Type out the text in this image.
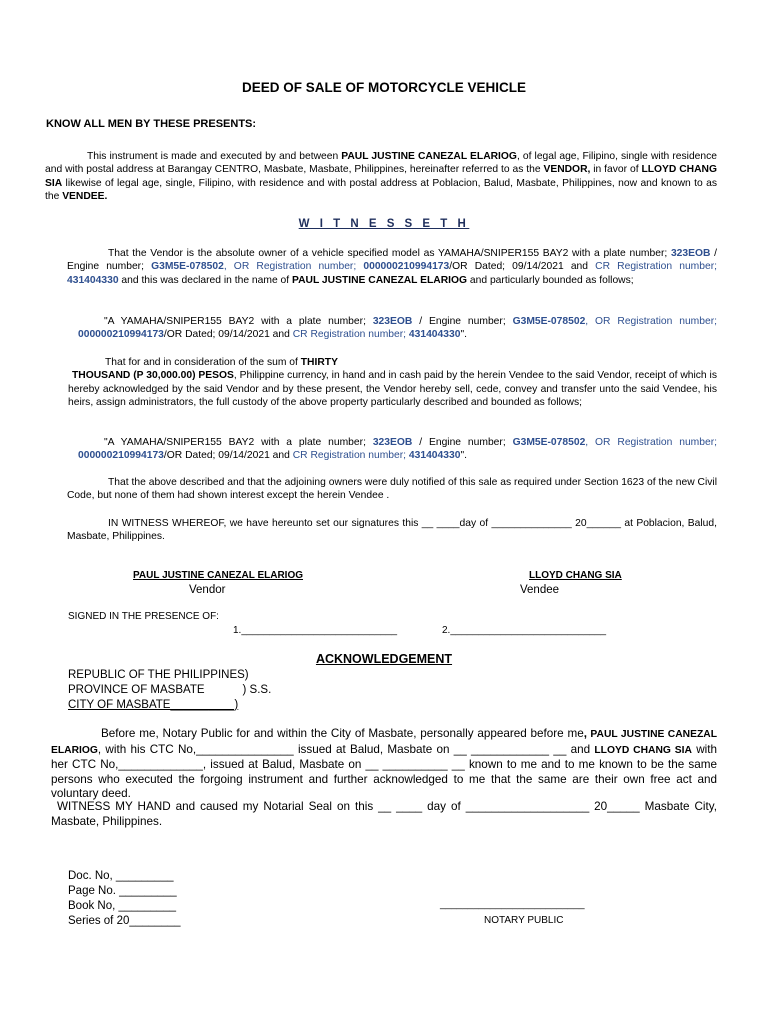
DEED OF SALE OF MOTORCYCLE VEHICLE
KNOW ALL MEN BY THESE PRESENTS:
This instrument is made and executed by and between PAUL JUSTINE CANEZAL ELARIOG, of legal age, Filipino, single with residence and with postal address at Barangay CENTRO, Masbate, Masbate, Philippines, hereinafter referred to as the VENDOR, in favor of LLOYD CHANG SIA likewise of legal age, single, Filipino, with residence and with postal address at Poblacion, Balud, Masbate, Philippines, now and known to as the VENDEE.
W I T N E S S E T H
That the Vendor is the absolute owner of a vehicle specified model as YAMAHA/SNIPER155 BAY2 with a plate number; 323EOB / Engine number; G3M5E-078502, OR Registration number; 000000210994173/OR Dated; 09/14/2021 and CR Registration number; 431404330 and this was declared in the name of PAUL JUSTINE CANEZAL ELARIOG and particularly bounded as follows;
"A YAMAHA/SNIPER155 BAY2 with a plate number; 323EOB / Engine number; G3M5E-078502, OR Registration number; 000000210994173/OR Dated; 09/14/2021 and CR Registration number; 431404330".
That for and in consideration of the sum of THIRTY
THOUSAND (P 30,000.00) PESOS, Philippine currency, in hand and in cash paid by the herein Vendee to the said Vendor, receipt of which is hereby acknowledged by the said Vendor and by these present, the Vendor hereby sell, cede, convey and transfer unto the said Vendee, his heirs, assign administrators, the full custody of the above property particularly described and bounded as follows;
"A YAMAHA/SNIPER155 BAY2 with a plate number; 323EOB / Engine number; G3M5E-078502, OR Registration number; 000000210994173/OR Dated; 09/14/2021 and CR Registration number; 431404330".
That the above described and that the adjoining owners were duly notified of this sale as required under Section 1623 of the new Civil Code, but none of them had shown interest except the herein Vendee .
IN WITNESS WHEREOF, we have hereunto set our signatures this __ ____day of ______________ 20______ at Poblacion, Balud, Masbate, Philippines.
PAUL JUSTINE CANEZAL ELARIOG
Vendor
LLOYD CHANG SIA
Vendee
SIGNED IN THE PRESENCE OF:
1.____________________________	2.____________________________
ACKNOWLEDGEMENT
REPUBLIC OF THE PHILIPPINES)
PROVINCE OF MASBATE	) S.S.
CITY OF MASBATE__________)
Before me, Notary Public for and within the City of Masbate, personally appeared before me, PAUL JUSTINE CANEZAL ELARIOG, with his CTC No,_______________ issued at Balud, Masbate on __ ____________ __ and LLOYD CHANG SIA with her CTC No,_____________, issued at Balud, Masbate on __ __________ __ known to me and to me known to be the same persons who executed the forgoing instrument and further acknowledged to me that the same are their own free act and voluntary deed.
WITNESS MY HAND and caused my Notarial Seal on this __ ____ day of ___________________ 20_____ Masbate City, Masbate, Philippines.
Doc. No, _________
Page No. _________
Book No, _________
Series of 20________
__________________________
NOTARY PUBLIC
